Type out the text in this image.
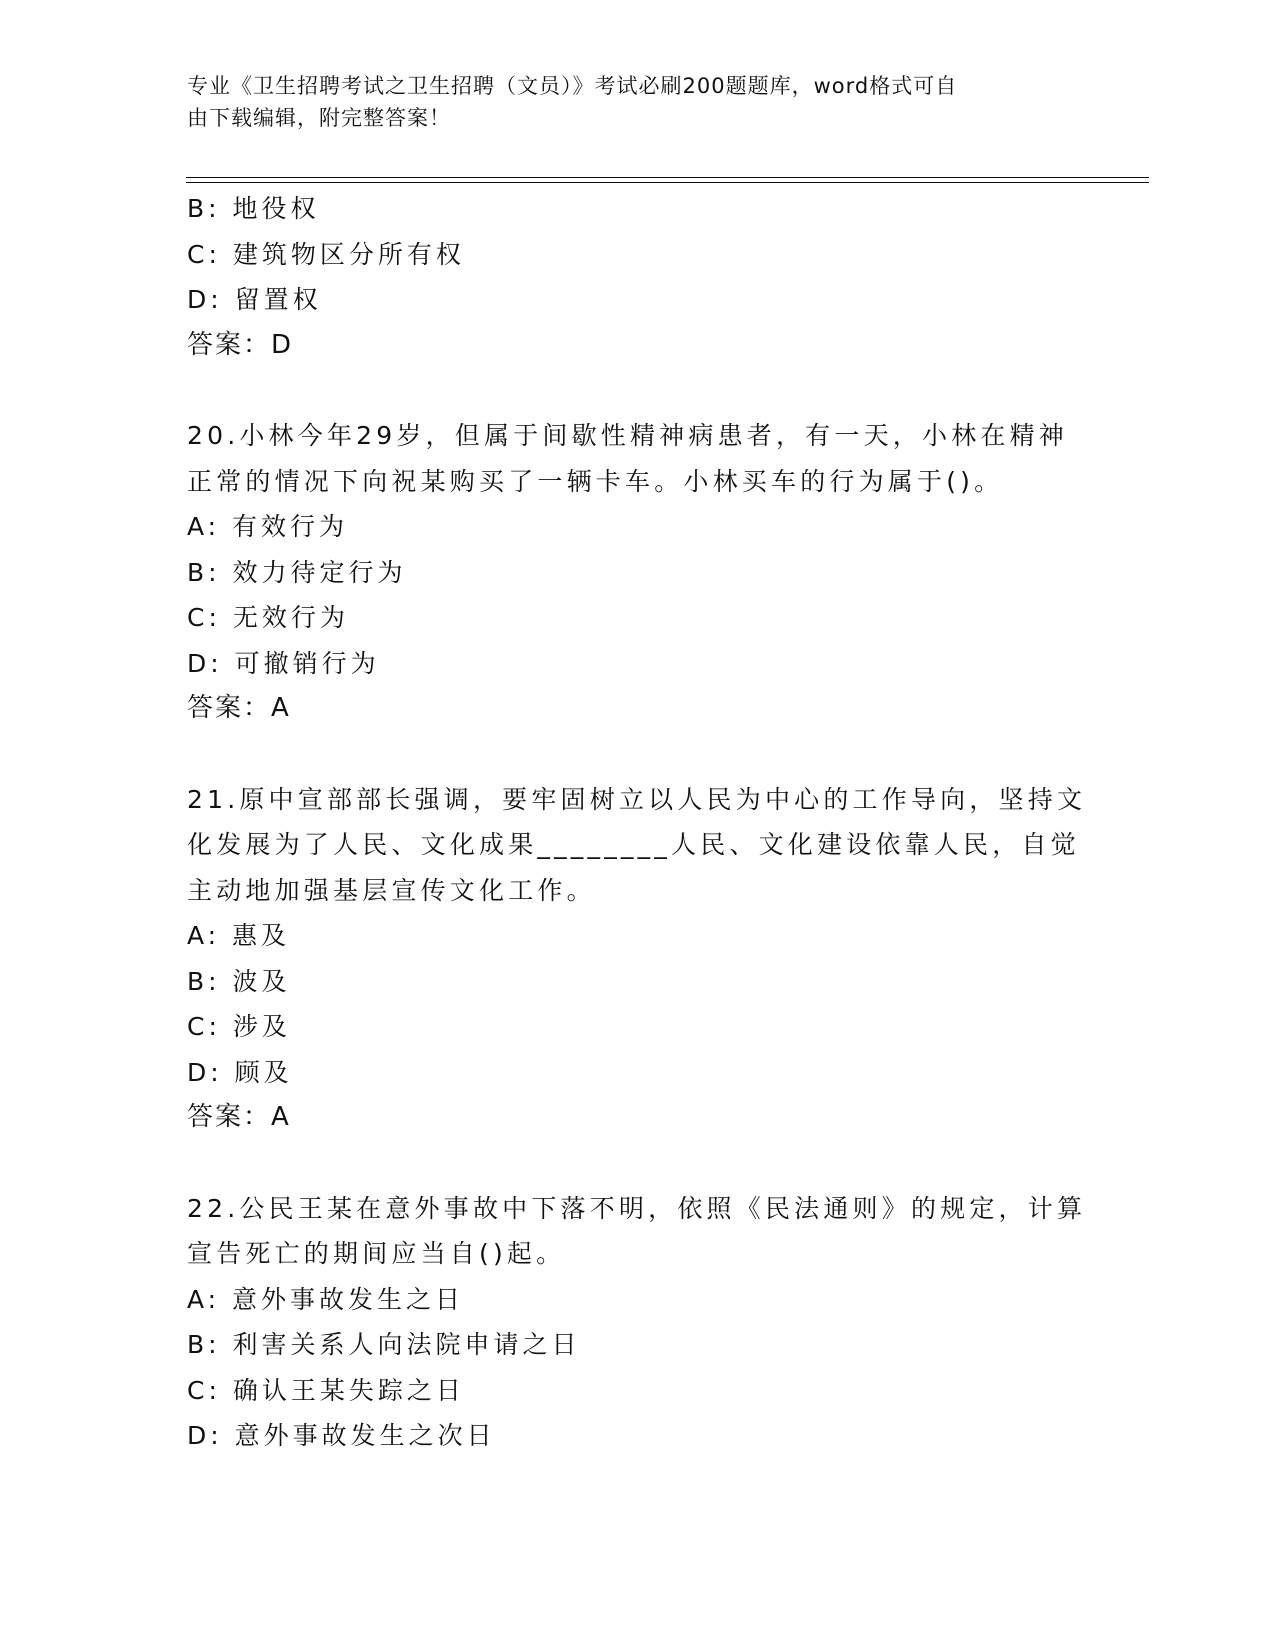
专业《卫生招聘考试之卫生招聘（文员）》考试必刷200题题库，word格式可自
由下载编辑，附完整答案！
B: 地役权
C: 建筑物区分所有权
D: 留置权
答案：D
20.小林今年29岁，但属于间歇性精神病患者，有一天，小林在精神
正常的情况下向祝某购买了一辆卡车。小林买车的行为属于()。
A: 有效行为
B: 效力待定行为
C: 无效行为
D: 可撤销行为
答案：A
21.原中宣部部长强调，要牢固树立以人民为中心的工作导向，坚持文
化发展为了人民、文化成果________人民、文化建设依靠人民，自觉
主动地加强基层宣传文化工作。
A: 惠及
B: 波及
C: 涉及
D: 顾及
答案：A
22.公民王某在意外事故中下落不明，依照《民法通则》的规定，计算
宣告死亡的期间应当自()起。
A: 意外事故发生之日
B: 利害关系人向法院申请之日
C: 确认王某失踪之日
D: 意外事故发生之次日
